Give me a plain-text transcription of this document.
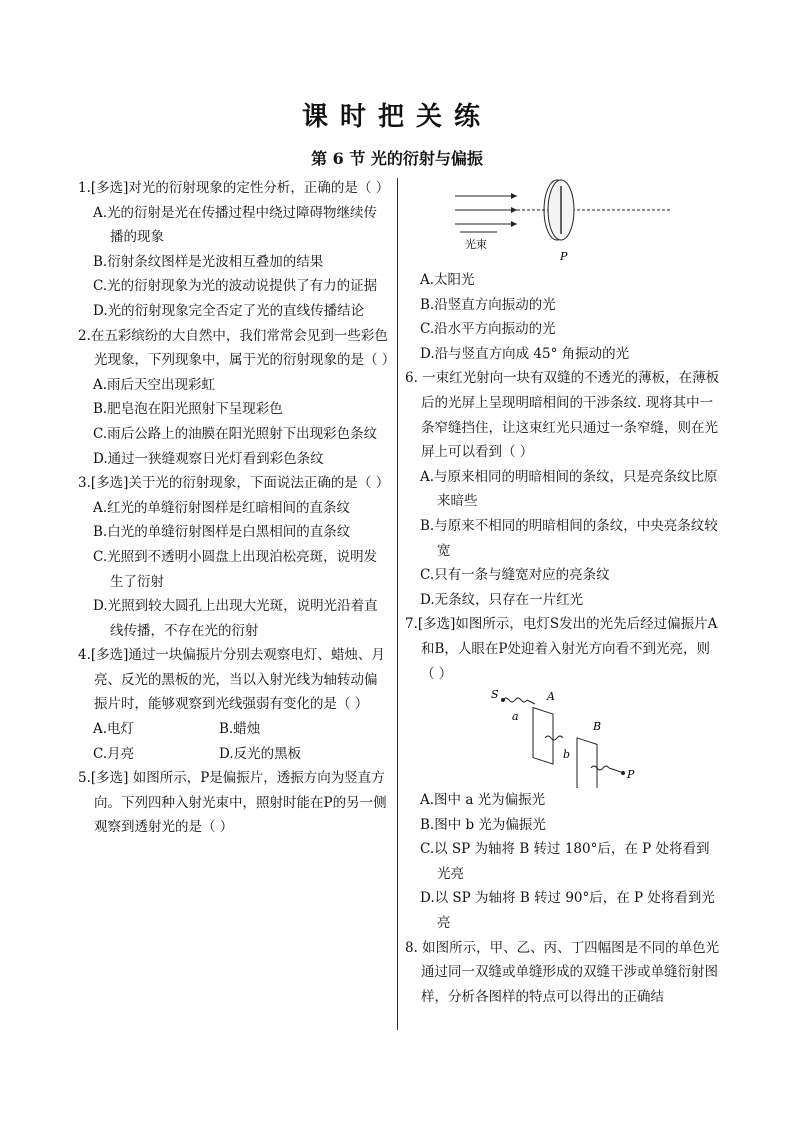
课时把关练
第 6 节 光的衍射与偏振
1.[多选]对光的衍射现象的定性分析，正确的是（ ）
A.光的衍射是光在传播过程中绕过障碍物继续传播的现象
B.衍射条纹图样是光波相互叠加的结果
C.光的衍射现象为光的波动说提供了有力的证据
D.光的衍射现象完全否定了光的直线传播结论
2.在五彩缤纷的大自然中，我们常常会见到一些彩色光现象，下列现象中，属于光的衍射现象的是（ ）
A.雨后天空出现彩虹
B.肥皂泡在阳光照射下呈现彩色
C.雨后公路上的油膜在阳光照射下出现彩色条纹
D.通过一狭缝观察日光灯看到彩色条纹
3.[多选]关于光的衍射现象，下面说法正确的是（ ）
A.红光的单缝衍射图样是红暗相间的直条纹
B.白光的单缝衍射图样是白黑相间的直条纹
C.光照到不透明小圆盘上出现泊松亮斑，说明发生了衍射
D.光照到较大圆孔上出现大光斑，说明光沿着直线传播，不存在光的衍射
4.[多选]通过一块偏振片分别去观察电灯、蜡烛、月亮、反光的黑板的光，当以入射光线为轴转动偏振片时，能够观察到光线强弱有变化的是（ ）
A.电灯	B.蜡烛
C.月亮	D.反光的黑板
5.[多选] 如图所示，P是偏振片，透振方向为竖直方向。下列四种入射光束中，照射时能在P的另一侧观察到透射光的是（ ）
光束
P
A.太阳光
B.沿竖直方向振动的光
C.沿水平方向振动的光
D.沿与竖直方向成 45° 角振动的光
6. 一束红光射向一块有双缝的不透光的薄板，在薄板后的光屏上呈现明暗相间的干涉条纹. 现将其中一条窄缝挡住，让这束红光只通过一条窄缝，则在光屏上可以看到（ ）
A.与原来相同的明暗相间的条纹，只是亮条纹比原来暗些
B.与原来不相同的明暗相间的条纹，中央亮条纹较宽
C.只有一条与缝宽对应的亮条纹
D.无条纹，只存在一片红光
7.[多选]如图所示，电灯S发出的光先后经过偏振片A和B，人眼在P处迎着入射光方向看不到光亮，则（ ）
S	A
B
a
b
P
A.图中 a 光为偏振光
B.图中 b 光为偏振光
C.以 SP 为轴将 B 转过 180°后，在 P 处将看到光亮
D.以 SP 为轴将 B 转过 90°后，在 P 处将看到光亮
8. 如图所示，甲、乙、丙、丁四幅图是不同的单色光通过同一双缝或单缝形成的双缝干涉或单缝衍射图样，分析各图样的特点可以得出的正确结
